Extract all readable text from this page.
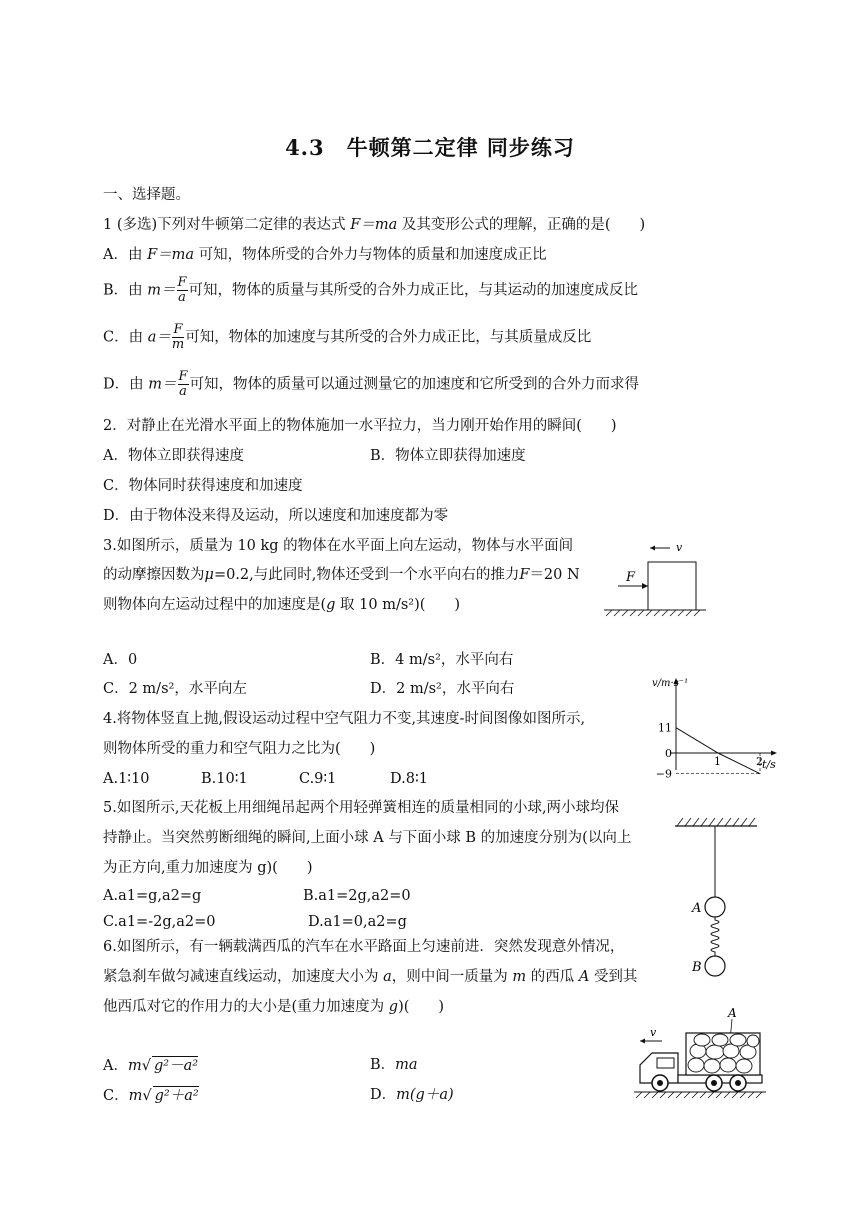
4.3　牛顿第二定律 同步练习
一、选择题。
1 (多选)下列对牛顿第二定律的表达式 F＝ma 及其变形公式的理解，正确的是(　　)
A．由 F＝ma 可知，物体所受的合外力与物体的质量和加速度成正比
B．由 $m= \frac{F}{a}$ 可知，物体的质量与其所受的合外力成正比，与其运动的加速度成反比
C．由 $a= \frac{F}{m}$ 可知，物体的加速度与其所受的合外力成正比，与其质量成反比
D．由 $m= \frac{F}{a}$ 可知，物体的质量可以通过测量它的加速度和它所受到的合外力而求得
2．对静止在光滑水平面上的物体施加一水平拉力，当力刚开始作用的瞬间(　　)
A．物体立即获得速度	B．物体立即获得加速度
C．物体同时获得速度和加速度
D．由于物体没来得及运动，所以速度和加速度都为零
3.如图所示，质量为 10 kg 的物体在水平面上向左运动，物体与水平面间
的动摩擦因数为μ=0.2,与此同时,物体还受到一个水平向右的推力F＝20 N
则物体向左运动过程中的加速度是(g 取 10 m/s²)(　　)
A．0	B．4 m/s²，水平向右
C．2 m/s²，水平向左	D．2 m/s²，水平向右
v
F
4.将物体竖直上抛,假设运动过程中空气阻力不变,其速度-时间图像如图所示,
则物体所受的重力和空气阻力之比为(　　)
A.1∶10	B.10∶1	C.9∶1	D.8∶1
v/m·s⁻¹
t/s
1	2
11
0
−9
5.如图所示,天花板上用细绳吊起两个用轻弹簧相连的质量相同的小球,两小球均保
持静止。当突然剪断细绳的瞬间,上面小球 A 与下面小球 B 的加速度分别为(以向上
为正方向,重力加速度为 g)(　　)
A.a1=g,a2=g	B.a1=2g,a2=0
C.a1=-2g,a2=0	D.a1=0,a2=g
A
B
6.如图所示，有一辆载满西瓜的汽车在水平路面上匀速前进．突然发现意外情况，
紧急刹车做匀减速直线运动，加速度大小为 a，则中间一质量为 m 的西瓜 A 受到其
他西瓜对它的作用力的大小是(重力加速度为 g)(　　)
A．m√ g²－a²	B．ma
C．m√ g²＋a²	D．m(g＋a)
v
A
